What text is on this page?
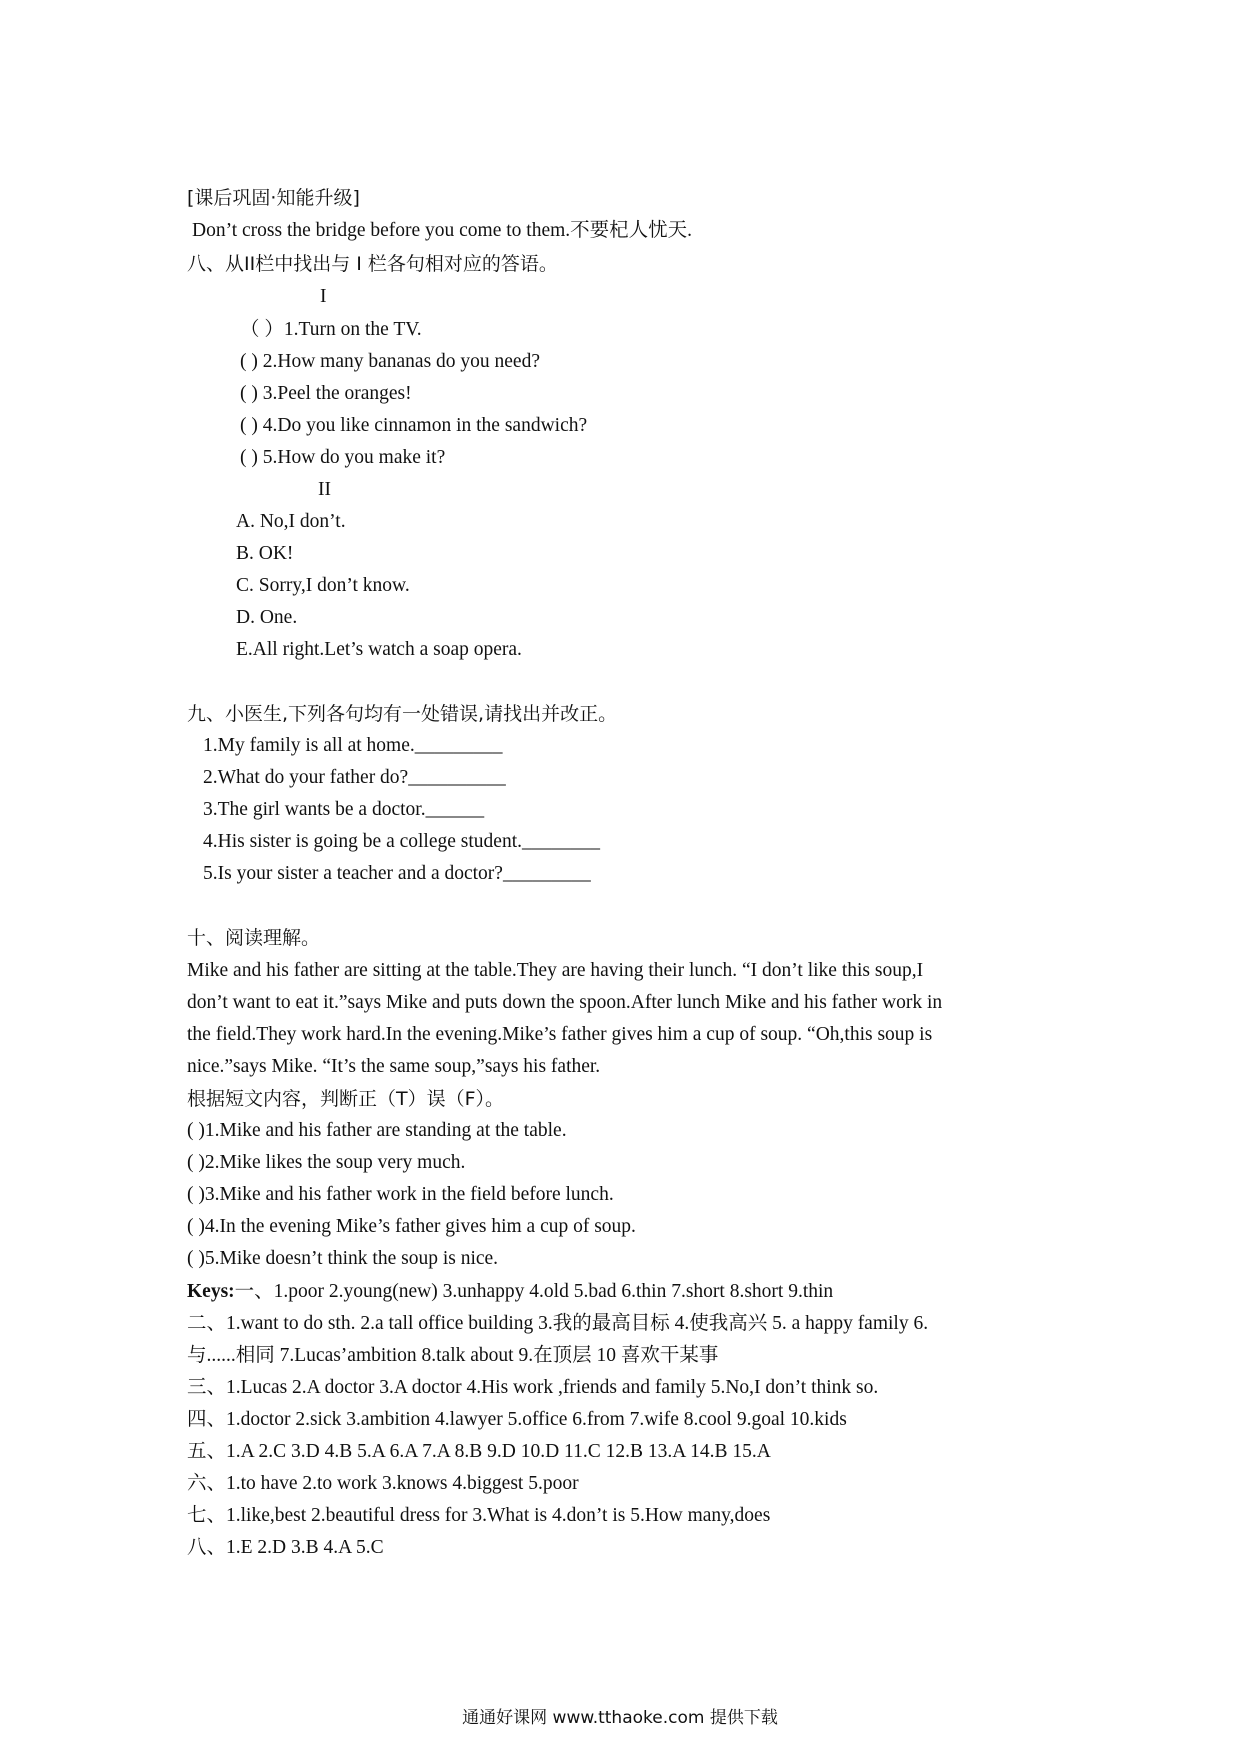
[课后巩固·知能升级]
Don’t cross the bridge before you come to them.不要杞人忧天.
八、从II栏中找出与 I 栏各句相对应的答语。
I
（ ）1.Turn on the TV.
( ) 2.How many bananas do you need?
( ) 3.Peel the oranges!
( ) 4.Do you like cinnamon in the sandwich?
( ) 5.How do you make it?
II
A. No,I don’t.
B. OK!
C. Sorry,I don’t know.
D. One.
E.All right.Let’s watch a soap opera.
九、小医生,下列各句均有一处错误,请找出并改正。
1.My family is all at home._________
2.What do your father do?__________
3.The girl wants be a doctor.______
4.His sister is going be a college student.________
5.Is your sister a teacher and a doctor?_________
十、阅读理解。
Mike and his father are sitting at the table.They are having their lunch. “I don’t like this soup,I
don’t want to eat it.”says Mike and puts down the spoon.After lunch Mike and his father work in
the field.They work hard.In the evening.Mike’s father gives him a cup of soup. “Oh,this soup is
nice.”says Mike. “It’s the same soup,”says his father.
根据短文内容，判断正（T）误（F）。
( )1.Mike and his father are standing at the table.
( )2.Mike likes the soup very much.
( )3.Mike and his father work in the field before lunch.
( )4.In the evening Mike’s father gives him a cup of soup.
( )5.Mike doesn’t think the soup is nice.
Keys:一、1.poor 2.young(new) 3.unhappy 4.old 5.bad 6.thin 7.short 8.short 9.thin
二、1.want to do sth. 2.a tall office building 3.我的最高目标 4.使我高兴 5. a happy family 6.
与......相同 7.Lucas’ambition 8.talk about 9.在顶层 10 喜欢干某事
三、1.Lucas 2.A doctor 3.A doctor 4.His work ,friends and family 5.No,I don’t think so.
四、1.doctor 2.sick 3.ambition 4.lawyer 5.office 6.from 7.wife 8.cool 9.goal 10.kids
五、1.A 2.C 3.D 4.B 5.A 6.A 7.A 8.B 9.D 10.D 11.C 12.B 13.A 14.B 15.A
六、1.to have 2.to work 3.knows 4.biggest 5.poor
七、1.like,best 2.beautiful dress for 3.What is 4.don’t is 5.How many,does
八、1.E 2.D 3.B 4.A 5.C
通通好课网 www.tthaoke.com 提供下载
